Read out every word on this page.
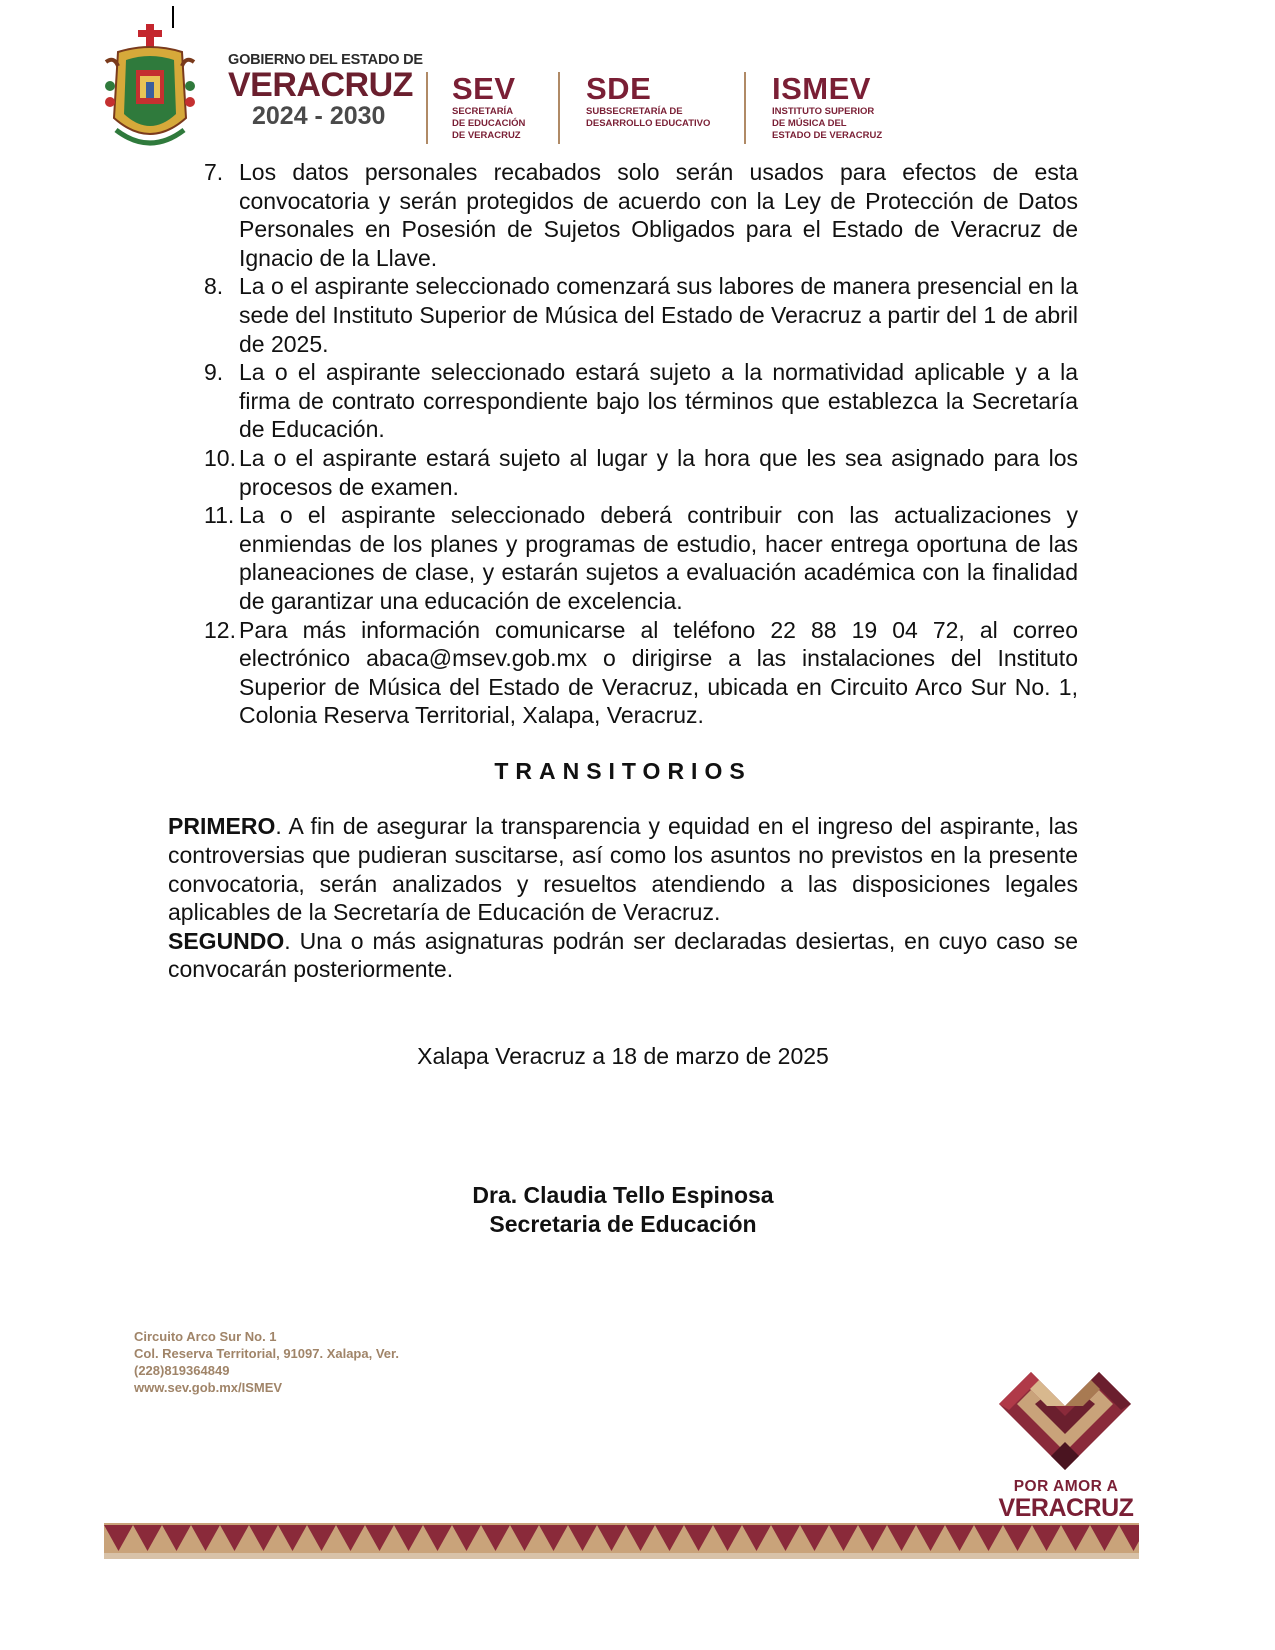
GOBIERNO DEL ESTADO DE
VERACRUZ
2024 - 2030
SEV
SECRETARÍA
DE EDUCACIÓN
DE VERACRUZ
SDE
SUBSECRETARÍA DE
DESARROLLO EDUCATIVO
ISMEV
INSTITUTO SUPERIOR
DE MÚSICA DEL
ESTADO DE VERACRUZ
7. Los datos personales recabados solo serán usados para efectos de esta convocatoria y serán protegidos de acuerdo con la Ley de Protección de Datos Personales en Posesión de Sujetos Obligados para el Estado de Veracruz de Ignacio de la Llave.
8. La o el aspirante seleccionado comenzará sus labores de manera presencial en la sede del Instituto Superior de Música del Estado de Veracruz a partir del 1 de abril de 2025.
9. La o el aspirante seleccionado estará sujeto a la normatividad aplicable y a la firma de contrato correspondiente bajo los términos que establezca la Secretaría de Educación.
10. La o el aspirante estará sujeto al lugar y la hora que les sea asignado para los procesos de examen.
11. La o el aspirante seleccionado deberá contribuir con las actualizaciones y enmiendas de los planes y programas de estudio, hacer entrega oportuna de las planeaciones de clase, y estarán sujetos a evaluación académica con la finalidad de garantizar una educación de excelencia.
12. Para más información comunicarse al teléfono 22 88 19 04 72, al correo electrónico abaca@msev.gob.mx o dirigirse a las instalaciones del Instituto Superior de Música del Estado de Veracruz, ubicada en Circuito Arco Sur No. 1, Colonia Reserva Territorial, Xalapa, Veracruz.
TRANSITORIOS

PRIMERO. A fin de asegurar la transparencia y equidad en el ingreso del aspirante, las controversias que pudieran suscitarse, así como los asuntos no previstos en la presente convocatoria, serán analizados y resueltos atendiendo a las disposiciones legales aplicables de la Secretaría de Educación de Veracruz.

SEGUNDO. Una o más asignaturas podrán ser declaradas desiertas, en cuyo caso se convocarán posteriormente.

Xalapa Veracruz a 18 de marzo de 2025
Dra. Claudia Tello Espinosa
Secretaria de Educación
Circuito Arco Sur No. 1
Col. Reserva Territorial, 91097. Xalapa, Ver.
(228)819364849
www.sev.gob.mx/ISMEV
POR AMOR A
VERACRUZ
